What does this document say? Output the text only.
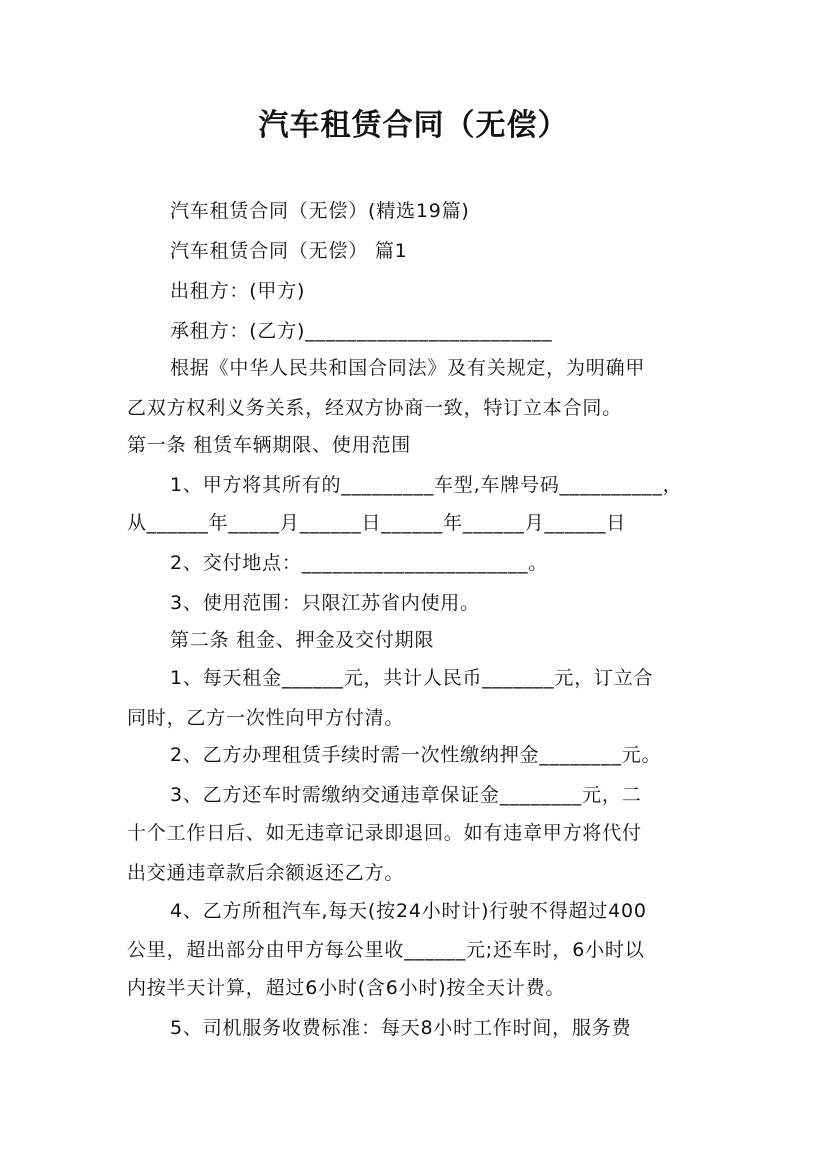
汽车租赁合同（无偿）
汽车租赁合同（无偿）(精选19篇)
汽车租赁合同（无偿） 篇1
出租方：(甲方)
承租方：(乙方)________________________
根据《中华人民共和国合同法》及有关规定，为明确甲
乙双方权利义务关系，经双方协商一致，特订立本合同。
第一条 租赁车辆期限、使用范围
1、甲方将其所有的_________车型,车牌号码__________，
从______年_____月______日______年______月______日
2、交付地点：______________________。
3、使用范围：只限江苏省内使用。
第二条 租金、押金及交付期限
1、每天租金______元，共计人民币_______元，订立合
同时，乙方一次性向甲方付清。
2、乙方办理租赁手续时需一次性缴纳押金________元。
3、乙方还车时需缴纳交通违章保证金________元，二
十个工作日后、如无违章记录即退回。如有违章甲方将代付
出交通违章款后余额返还乙方。
4、乙方所租汽车,每天(按24小时计)行驶不得超过400
公里，超出部分由甲方每公里收______元;还车时，6小时以
内按半天计算，超过6小时(含6小时)按全天计费。
5、司机服务收费标准：每天8小时工作时间，服务费
